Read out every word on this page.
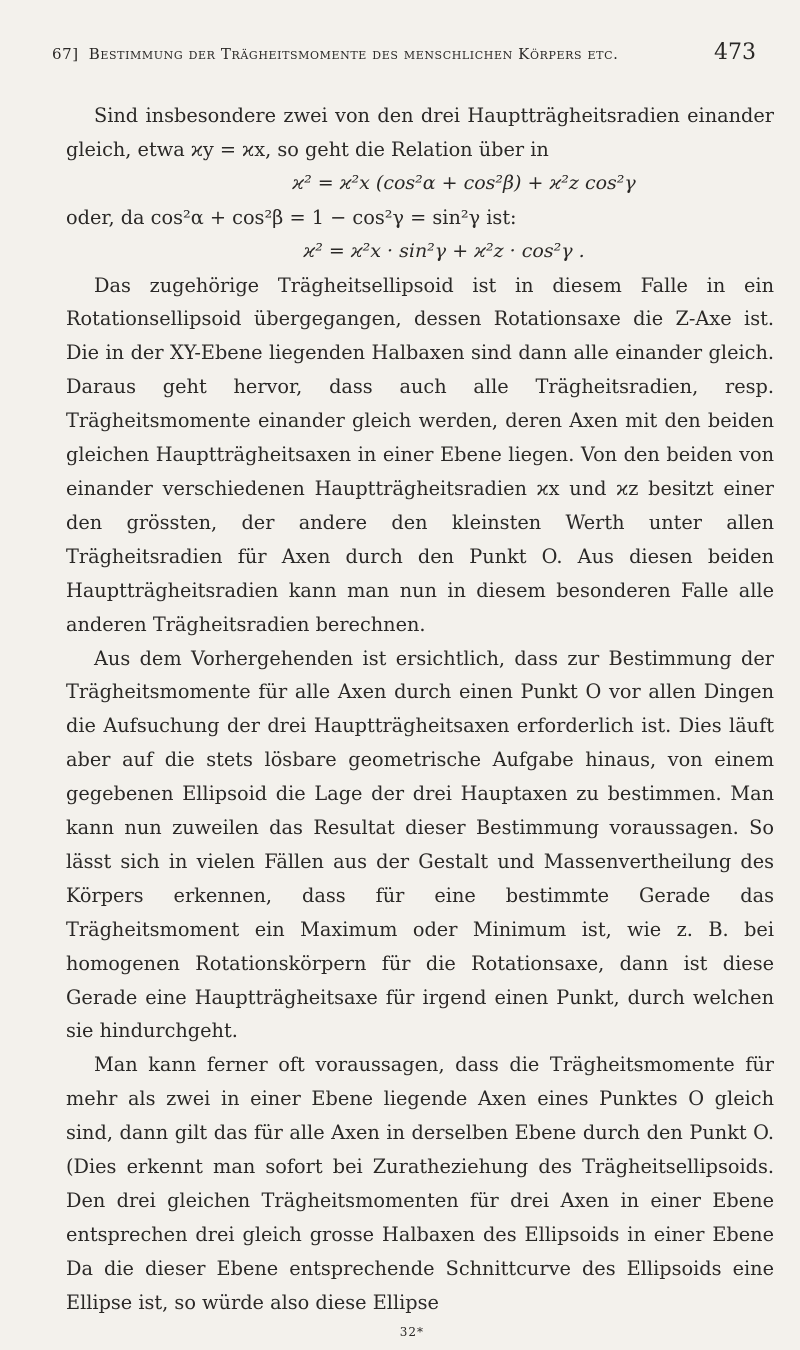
67] Bestimmung der Trägheitsmomente des menschlichen Körpers etc.	473

Sind insbesondere zwei von den drei Hauptträgheitsradien einander gleich, etwa ϰy = ϰx, so geht die Relation über in

ϰ² = ϰ²x (cos²α + cos²β) + ϰ²z cos²γ

oder, da cos²α + cos²β = 1 − cos²γ = sin²γ ist:

ϰ² = ϰ²x · sin²γ + ϰ²z · cos²γ .

Das zugehörige Trägheitsellipsoid ist in diesem Falle in ein Rotationsellipsoid übergegangen, dessen Rotationsaxe die Z-Axe ist. Die in der XY-Ebene liegenden Halbaxen sind dann alle einander gleich. Daraus geht hervor, dass auch alle Trägheitsradien, resp. Trägheitsmomente einander gleich werden, deren Axen mit den beiden gleichen Hauptträgheitsaxen in einer Ebene liegen. Von den beiden von einander verschiedenen Hauptträgheitsradien ϰx und ϰz besitzt einer den grössten, der andere den kleinsten Werth unter allen Trägheitsradien für Axen durch den Punkt O. Aus diesen beiden Hauptträgheitsradien kann man nun in diesem besonderen Falle alle anderen Trägheitsradien berechnen.

Aus dem Vorhergehenden ist ersichtlich, dass zur Bestimmung der Trägheitsmomente für alle Axen durch einen Punkt O vor allen Dingen die Aufsuchung der drei Hauptträgheitsaxen erforderlich ist. Dies läuft aber auf die stets lösbare geometrische Aufgabe hinaus, von einem gegebenen Ellipsoid die Lage der drei Hauptaxen zu bestimmen. Man kann nun zuweilen das Resultat dieser Bestimmung voraussagen. So lässt sich in vielen Fällen aus der Gestalt und Massenvertheilung des Körpers erkennen, dass für eine bestimmte Gerade das Trägheitsmoment ein Maximum oder Minimum ist, wie z. B. bei homogenen Rotationskörpern für die Rotationsaxe, dann ist diese Gerade eine Hauptträgheitsaxe für irgend einen Punkt, durch welchen sie hindurchgeht.

Man kann ferner oft voraussagen, dass die Trägheitsmomente für mehr als zwei in einer Ebene liegende Axen eines Punktes O gleich sind, dann gilt das für alle Axen in derselben Ebene durch den Punkt O. (Dies erkennt man sofort bei Zuratheziehung des Trägheitsellipsoids. Den drei gleichen Trägheitsmomenten für drei Axen in einer Ebene entsprechen drei gleich grosse Halbaxen des Ellipsoids in einer Ebene Da die dieser Ebene entsprechende Schnittcurve des Ellipsoids eine Ellipse ist, so würde also diese Ellipse

32*
